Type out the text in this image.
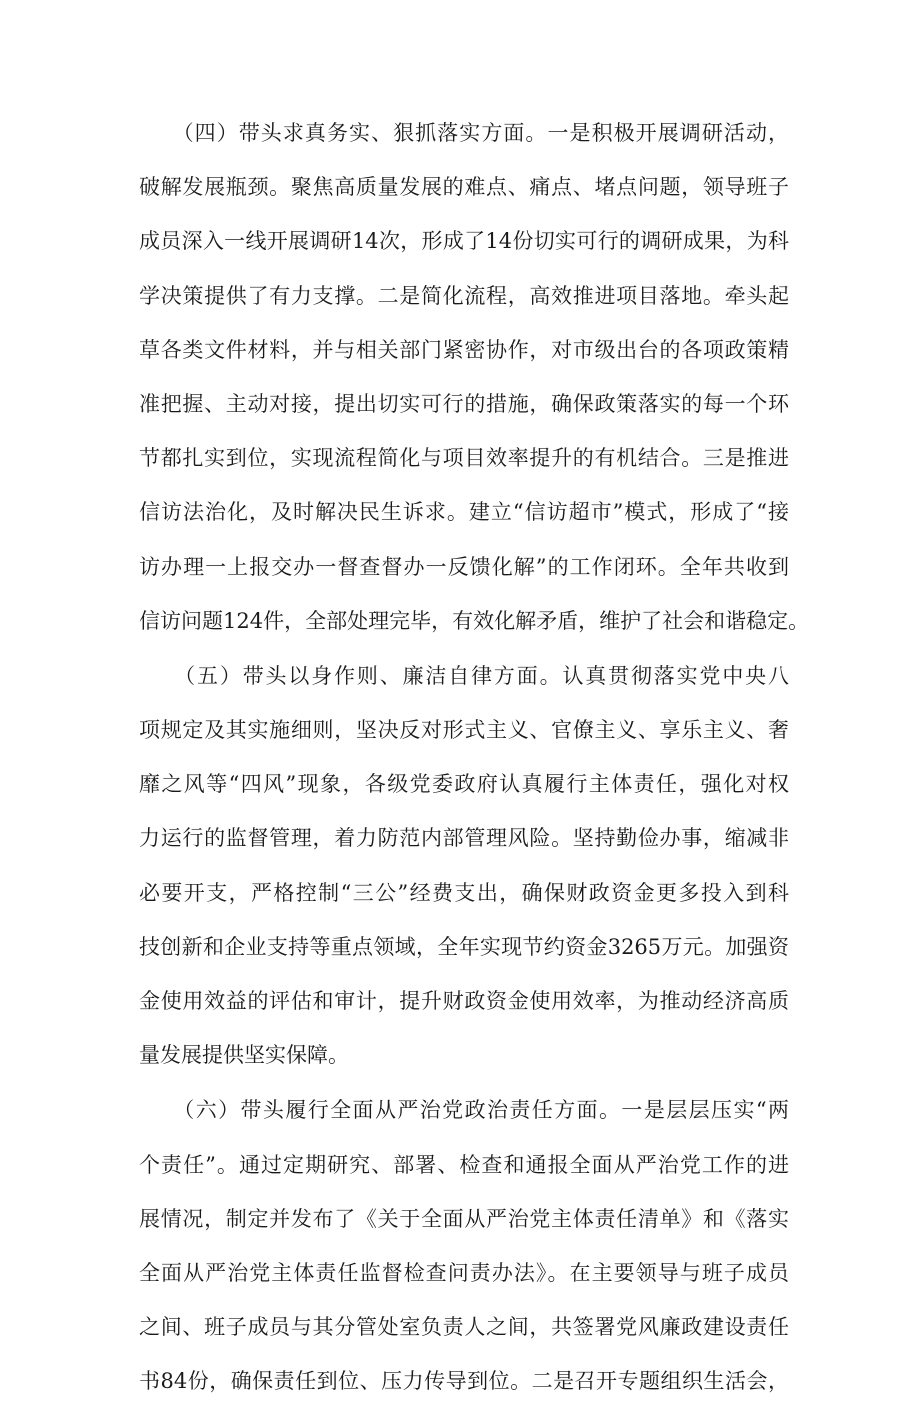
　　（四）带头求真务实、狠抓落实方面。一是积极开展调研活动，
破解发展瓶颈。聚焦高质量发展的难点、痛点、堵点问题，领导班子
成员深入一线开展调研14次，形成了14份切实可行的调研成果，为科
学决策提供了有力支撑。二是简化流程，高效推进项目落地。牵头起
草各类文件材料，并与相关部门紧密协作，对市级出台的各项政策精
准把握、主动对接，提出切实可行的措施，确保政策落实的每一个环
节都扎实到位，实现流程简化与项目效率提升的有机结合。三是推进
信访法治化，及时解决民生诉求。建立“信访超市”模式，形成了“接
访办理一上报交办一督查督办一反馈化解”的工作闭环。全年共收到
信访问题124件，全部处理完毕，有效化解矛盾，维护了社会和谐稳定。

　　（五）带头以身作则、廉洁自律方面。认真贯彻落实党中央八
项规定及其实施细则，坚决反对形式主义、官僚主义、享乐主义、奢
靡之风等“四风”现象，各级党委政府认真履行主体责任，强化对权
力运行的监督管理，着力防范内部管理风险。坚持勤俭办事，缩减非
必要开支，严格控制“三公”经费支出，确保财政资金更多投入到科
技创新和企业支持等重点领域，全年实现节约资金3265万元。加强资
金使用效益的评估和审计，提升财政资金使用效率，为推动经济高质
量发展提供坚实保障。

　　（六）带头履行全面从严治党政治责任方面。一是层层压实“两
个责任”。通过定期研究、部署、检查和通报全面从严治党工作的进
展情况，制定并发布了《关于全面从严治党主体责任清单》和《落实
全面从严治党主体责任监督检查问责办法》。在主要领导与班子成员
之间、班子成员与其分管处室负责人之间，共签署党风廉政建设责任
书84份，确保责任到位、压力传导到位。二是召开专题组织生活会，
